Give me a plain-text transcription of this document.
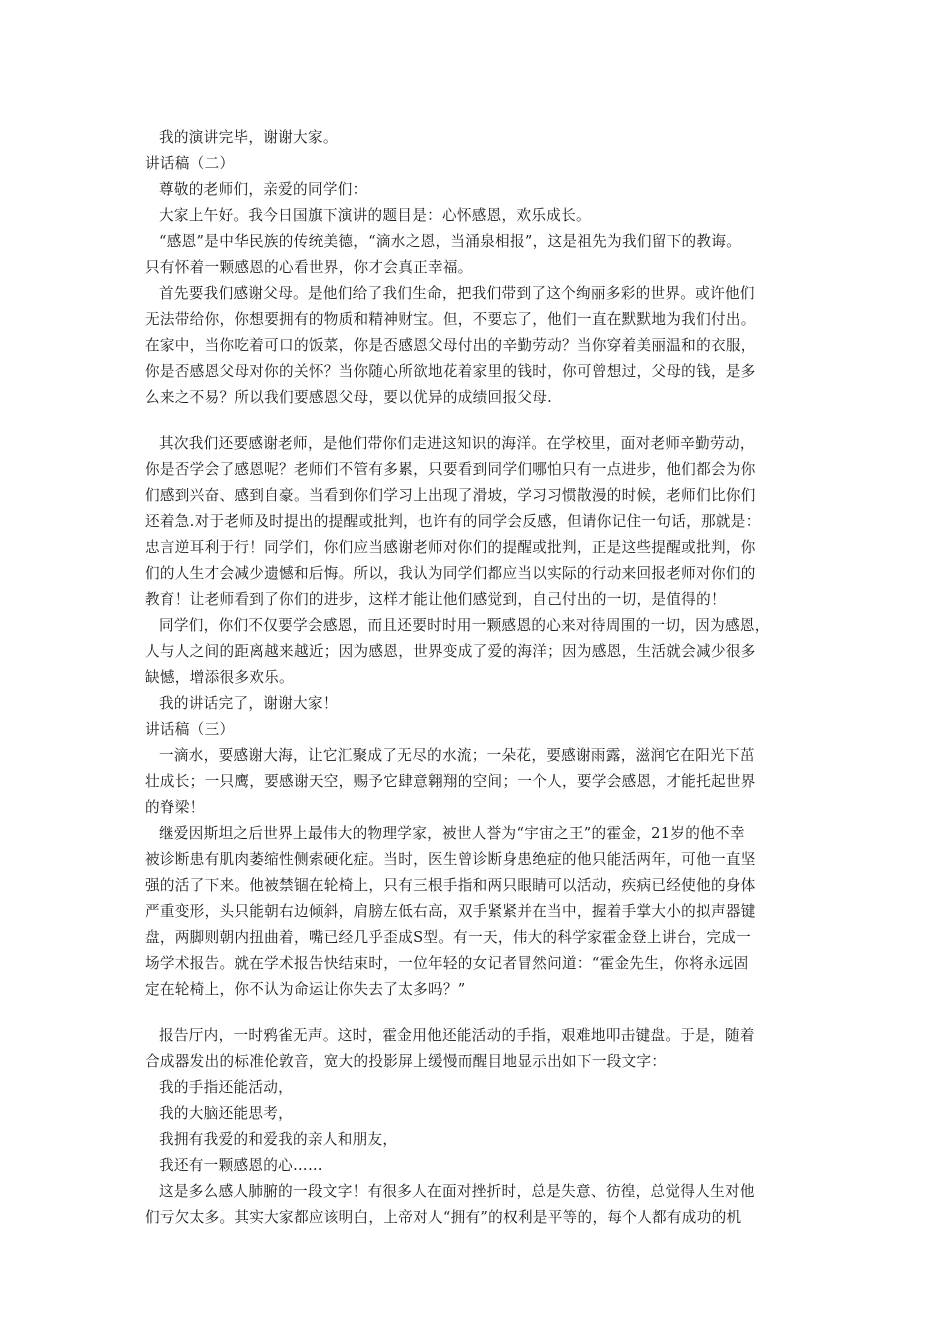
我的演讲完毕，谢谢大家。
讲话稿（二）
尊敬的老师们，亲爱的同学们：
大家上午好。我今日国旗下演讲的题目是：心怀感恩，欢乐成长。
“感恩”是中华民族的传统美德，“滴水之恩，当涌泉相报”，这是祖先为我们留下的教诲。
只有怀着一颗感恩的心看世界，你才会真正幸福。
首先要我们感谢父母。是他们给了我们生命，把我们带到了这个绚丽多彩的世界。或许他们
无法带给你，你想要拥有的物质和精神财宝。但，不要忘了，他们一直在默默地为我们付出。
在家中，当你吃着可口的饭菜，你是否感恩父母付出的辛勤劳动？当你穿着美丽温和的衣服，
你是否感恩父母对你的关怀？当你随心所欲地花着家里的钱时，你可曾想过，父母的钱，是多
么来之不易？所以我们要感恩父母，要以优异的成绩回报父母.
其次我们还要感谢老师，是他们带你们走进这知识的海洋。在学校里，面对老师辛勤劳动，
你是否学会了感恩呢？老师们不管有多累，只要看到同学们哪怕只有一点进步，他们都会为你
们感到兴奋、感到自豪。当看到你们学习上出现了滑坡，学习习惯散漫的时候，老师们比你们
还着急.对于老师及时提出的提醒或批判，也许有的同学会反感，但请你记住一句话，那就是：
忠言逆耳利于行！同学们，你们应当感谢老师对你们的提醒或批判，正是这些提醒或批判，你
们的人生才会减少遗憾和后悔。所以，我认为同学们都应当以实际的行动来回报老师对你们的
教育！让老师看到了你们的进步，这样才能让他们感觉到，自己付出的一切，是值得的！
同学们，你们不仅要学会感恩，而且还要时时用一颗感恩的心来对待周围的一切，因为感恩，
人与人之间的距离越来越近；因为感恩，世界变成了爱的海洋；因为感恩，生活就会减少很多
缺憾，增添很多欢乐。
我的讲话完了，谢谢大家！
讲话稿（三）
一滴水，要感谢大海，让它汇聚成了无尽的水流；一朵花，要感谢雨露，滋润它在阳光下茁
壮成长；一只鹰，要感谢天空，赐予它肆意翱翔的空间；一个人，要学会感恩，才能托起世界
的脊梁！
继爱因斯坦之后世界上最伟大的物理学家，被世人誉为“宇宙之王”的霍金，21岁的他不幸
被诊断患有肌肉萎缩性侧索硬化症。当时，医生曾诊断身患绝症的他只能活两年，可他一直坚
强的活了下来。他被禁锢在轮椅上，只有三根手指和两只眼睛可以活动，疾病已经使他的身体
严重变形，头只能朝右边倾斜，肩膀左低右高，双手紧紧并在当中，握着手掌大小的拟声器键
盘，两脚则朝内扭曲着，嘴已经几乎歪成S型。有一天，伟大的科学家霍金登上讲台，完成一
场学术报告。就在学术报告快结束时，一位年轻的女记者冒然问道：“霍金先生，你将永远固
定在轮椅上，你不认为命运让你失去了太多吗？”
报告厅内，一时鸦雀无声。这时，霍金用他还能活动的手指，艰难地叩击键盘。于是，随着
合成器发出的标准伦敦音，宽大的投影屏上缓慢而醒目地显示出如下一段文字：
我的手指还能活动，
我的大脑还能思考，
我拥有我爱的和爱我的亲人和朋友，
我还有一颗感恩的心……
这是多么感人肺腑的一段文字！有很多人在面对挫折时，总是失意、彷徨，总觉得人生对他
们亏欠太多。其实大家都应该明白，上帝对人“拥有”的权利是平等的，每个人都有成功的机
